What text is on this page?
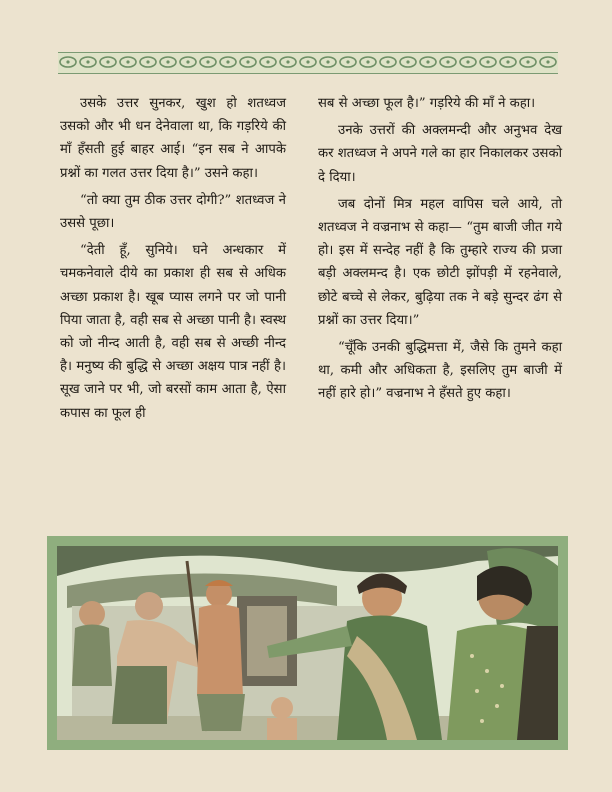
उसके उत्तर सुनकर, खुश हो शतध्वज उसको और भी धन देनेवाला था, कि गड़रिये की माँ हँसती हुई बाहर आई। “इन सब ने आपके प्रश्नों का गलत उत्तर दिया है।” उसने कहा।

“तो क्या तुम ठीक उत्तर दोगी?” शतध्वज ने उससे पूछा।

“देती हूँ, सुनिये। घने अन्धकार में चमकनेवाले दीये का प्रकाश ही सब से अधिक अच्छा प्रकाश है। खूब प्यास लगने पर जो पानी पिया जाता है, वही सब से अच्छा पानी है। स्वस्थ को जो नीन्द आती है, वही सब से अच्छी नीन्द है। मनुष्य की बुद्धि से अच्छा अक्षय पात्र नहीं है। सूख जाने पर भी, जो बरसों काम आता है, ऐसा कपास का फूल ही

सब से अच्छा फूल है।” गड़रिये की माँ ने कहा।

उनके उत्तरों की अक्लमन्दी और अनुभव देख कर शतध्वज ने अपने गले का हार निकालकर उसको दे दिया।

जब दोनों मित्र महल वापिस चले आये, तो शतध्वज ने वज्रनाभ से कहा— “तुम बाजी जीत गये हो। इस में सन्देह नहीं है कि तुम्हारे राज्य की प्रजा बड़ी अक्लमन्द है। एक छोटी झोंपड़ी में रहनेवाले, छोटे बच्चे से लेकर, बुढ़िया तक ने बड़े सुन्दर ढंग से प्रश्नों का उत्तर दिया।”

“चूँकि उनकी बुद्धिमत्ता में, जैसे कि तुमने कहा था, कमी और अधिकता है, इसलिए तुम बाजी में नहीं हारे हो।” वज्रनाभ ने हँसते हुए कहा।
